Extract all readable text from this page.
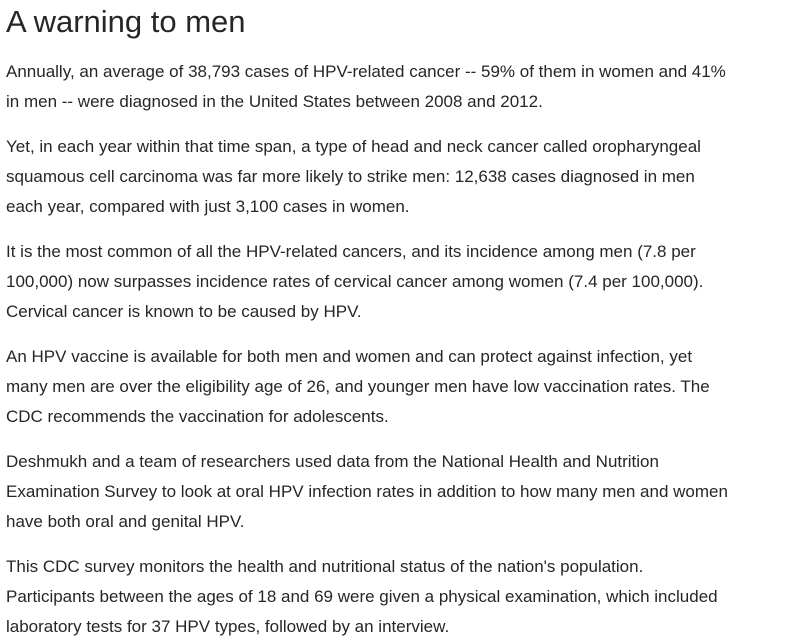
A warning to men

Annually, an average of 38,793 cases of HPV-related cancer -- 59% of them in women and 41%
in men -- were diagnosed in the United States between 2008 and 2012.

Yet, in each year within that time span, a type of head and neck cancer called oropharyngeal
squamous cell carcinoma was far more likely to strike men: 12,638 cases diagnosed in men
each year, compared with just 3,100 cases in women.

It is the most common of all the HPV-related cancers, and its incidence among men (7.8 per
100,000) now surpasses incidence rates of cervical cancer among women (7.4 per 100,000).
Cervical cancer is known to be caused by HPV.

An HPV vaccine is available for both men and women and can protect against infection, yet
many men are over the eligibility age of 26, and younger men have low vaccination rates. The
CDC recommends the vaccination for adolescents.

Deshmukh and a team of researchers used data from the National Health and Nutrition
Examination Survey to look at oral HPV infection rates in addition to how many men and women
have both oral and genital HPV.

This CDC survey monitors the health and nutritional status of the nation's population.
Participants between the ages of 18 and 69 were given a physical examination, which included
laboratory tests for 37 HPV types, followed by an interview.
